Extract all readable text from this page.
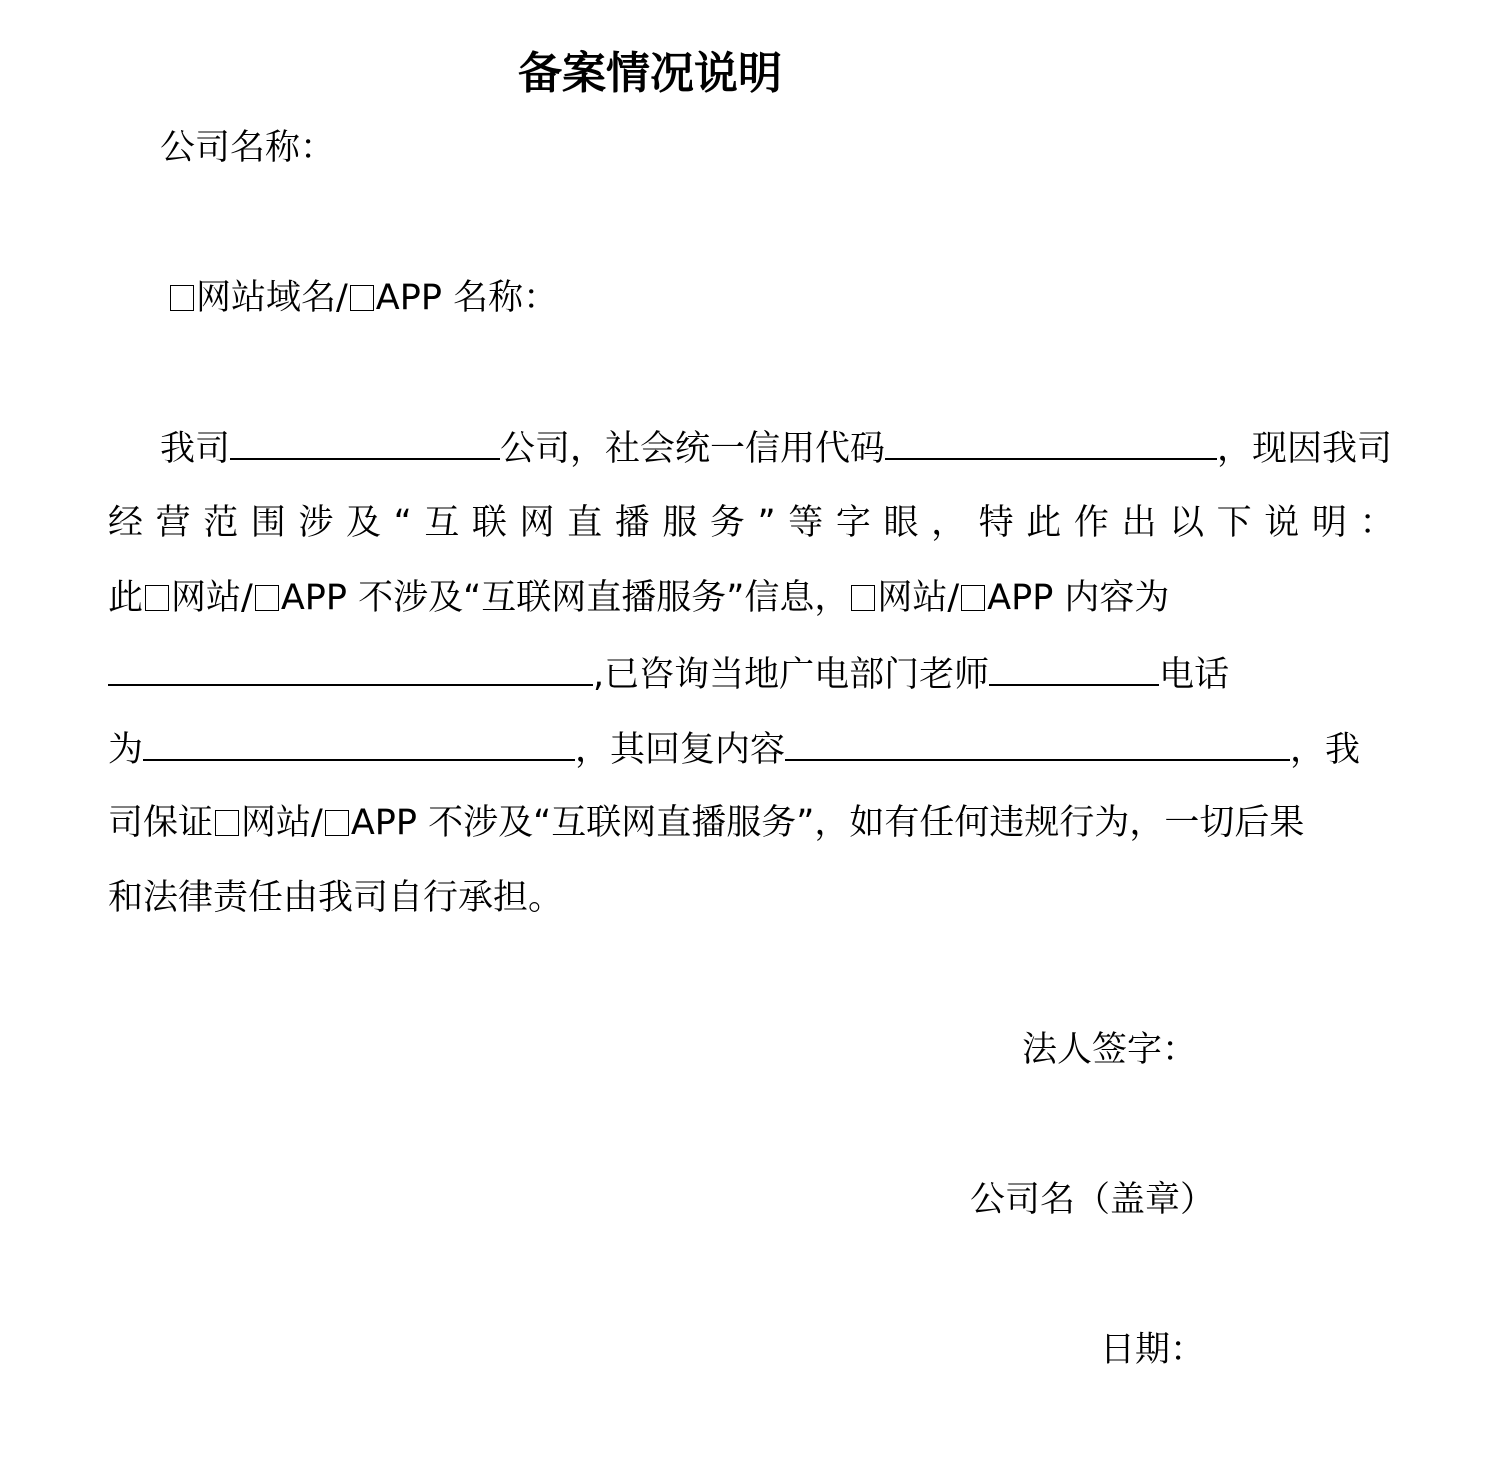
备案情况说明
公司名称：
网站域名/ APP 名称：
我司	公司，社会统一信用代码	，现因我司
经营范围涉及“互联网直播服务”等字眼，特此作出以下说明：
此 网站/ APP 不涉及“互联网直播服务”信息， 网站/ APP 内容为
,已咨询当地广电部门老师	电话
为	，其回复内容	，我
司保证 网站/ APP 不涉及“互联网直播服务”，如有任何违规行为，一切后果
和法律责任由我司自行承担。
法人签字：
公司名（盖章）
日期：
